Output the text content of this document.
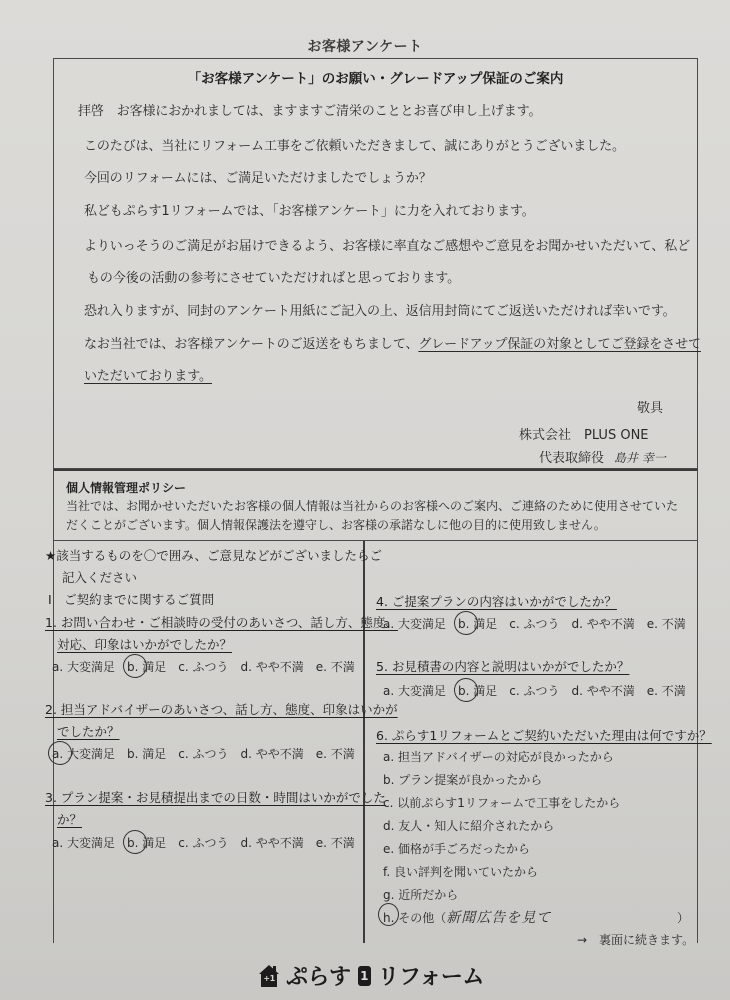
お客様アンケート
「お客様アンケート」のお願い・グレードアップ保証のご案内
拝啓　お客様におかれましては、ますますご清栄のこととお喜び申し上げます。
このたびは、当社にリフォーム工事をご依頼いただきまして、誠にありがとうございました。
今回のリフォームには、ご満足いただけましたでしょうか？
私どもぷらす1リフォームでは、「お客様アンケート」に力を入れております。
よりいっそうのご満足がお届けできるよう、お客様に率直なご感想やご意見をお聞かせいただいて、私ど
もの今後の活動の参考にさせていただければと思っております。
恐れ入りますが、同封のアンケート用紙にご記入の上、返信用封筒にてご返送いただければ幸いです。
なお当社では、お客様アンケートのご返送をもちまして、グレードアップ保証の対象としてご登録をさせて
いただいております。
敬具
株式会社　PLUS ONE
代表取締役 島井 幸一
個人情報管理ポリシー
当社では、お聞かせいただいたお客様の個人情報は当社からのお客様へのご案内、ご連絡のために使用させていただくことがございます。個人情報保護法を遵守し、お客様の承諾なしに他の目的に使用致しません。
★該当するものを〇で囲み、ご意見などがございましたらご
記入ください
Ⅰ　ご契約までに関するご質問
1. お問い合わせ・ご相談時の受付のあいさつ、話し方、態度、
対応、印象はいかがでしたか？
a. 大変満足 b. 満足 c. ふつう d. やや不満 e. 不満
2. 担当アドバイザーのあいさつ、話し方、態度、印象はいかが
でしたか？
a. 大変満足 b. 満足 c. ふつう d. やや不満 e. 不満
3. プラン提案・お見積提出までの日数・時間はいかがでした
か？
a. 大変満足 b. 満足 c. ふつう d. やや不満 e. 不満
4. ご提案プランの内容はいかがでしたか？
a. 大変満足 b. 満足 c. ふつう d. やや不満 e. 不満
5. お見積書の内容と説明はいかがでしたか？
a. 大変満足 b. 満足 c. ふつう d. やや不満 e. 不満
6. ぷらす1リフォームとご契約いただいた理由は何ですか？
a. 担当アドバイザーの対応が良かったから
b. プラン提案が良かったから
c. 以前ぷらす1リフォームで工事をしたから
d. 友人・知人に紹介されたから
e. 価格が手ごろだったから
f. 良い評判を聞いていたから
g. 近所だから
h. その他（新聞広告を見て	）
→　裏面に続きます。
+1 ぷらす 1 リフォーム
